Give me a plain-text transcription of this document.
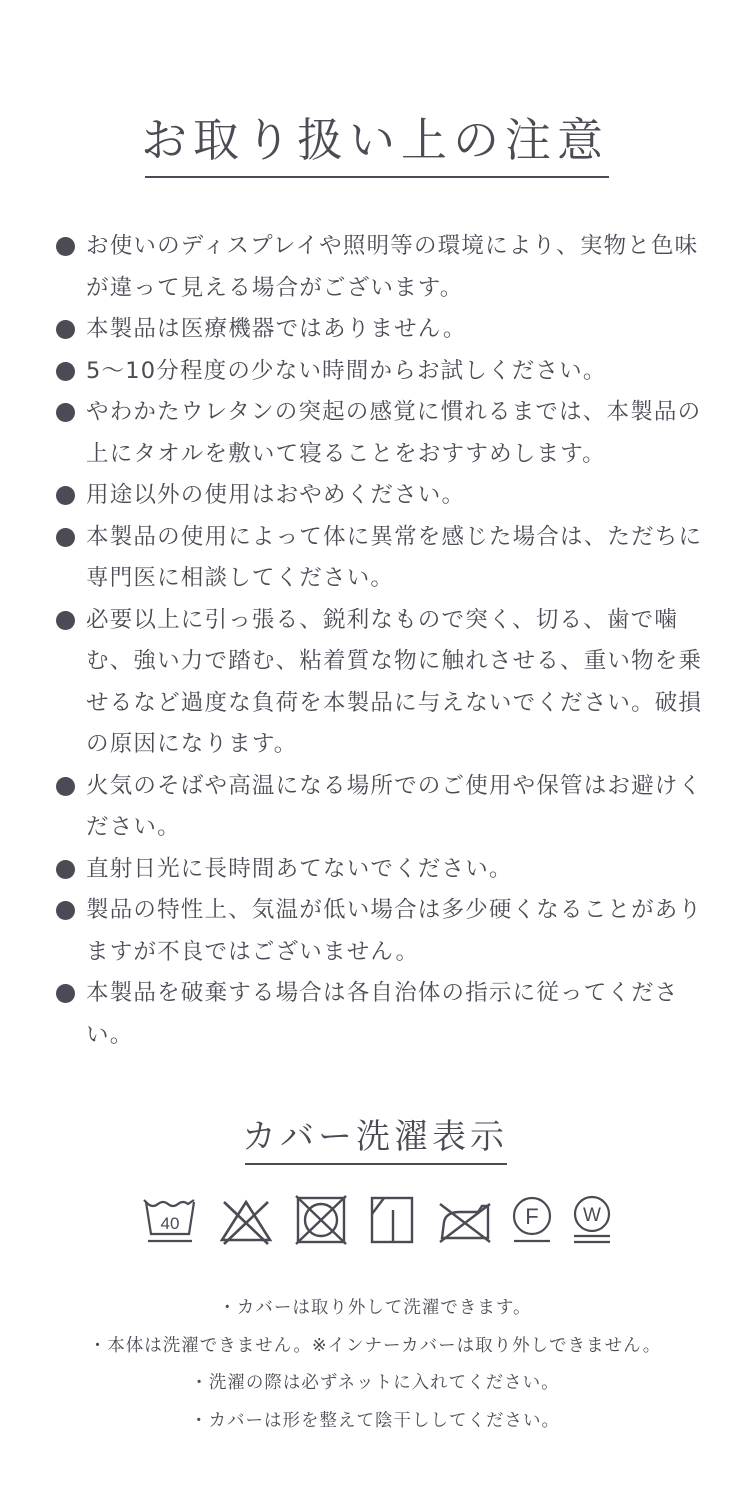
お取り扱い上の注意
お使いのディスプレイや照明等の環境により、実物と色味が違って見える場合がございます。
本製品は医療機器ではありません。
5〜10分程度の少ない時間からお試しください。
やわかたウレタンの突起の感覚に慣れるまでは、本製品の上にタオルを敷いて寝ることをおすすめします。
用途以外の使用はおやめください。
本製品の使用によって体に異常を感じた場合は、ただちに専門医に相談してください。
必要以上に引っ張る、鋭利なもので突く、切る、歯で噛む、強い力で踏む、粘着質な物に触れさせる、重い物を乗せるなど過度な負荷を本製品に与えないでください。破損の原因になります。
火気のそばや高温になる場所でのご使用や保管はお避けください。
直射日光に長時間あてないでください。
製品の特性上、気温が低い場合は多少硬くなることがありますが不良ではございません。
本製品を破棄する場合は各自治体の指示に従ってください。
カバー洗濯表示
40	F W
・カバーは取り外して洗濯できます。
・本体は洗濯できません。※インナーカバーは取り外しできません。
・洗濯の際は必ずネットに入れてください。
・カバーは形を整えて陰干ししてください。
